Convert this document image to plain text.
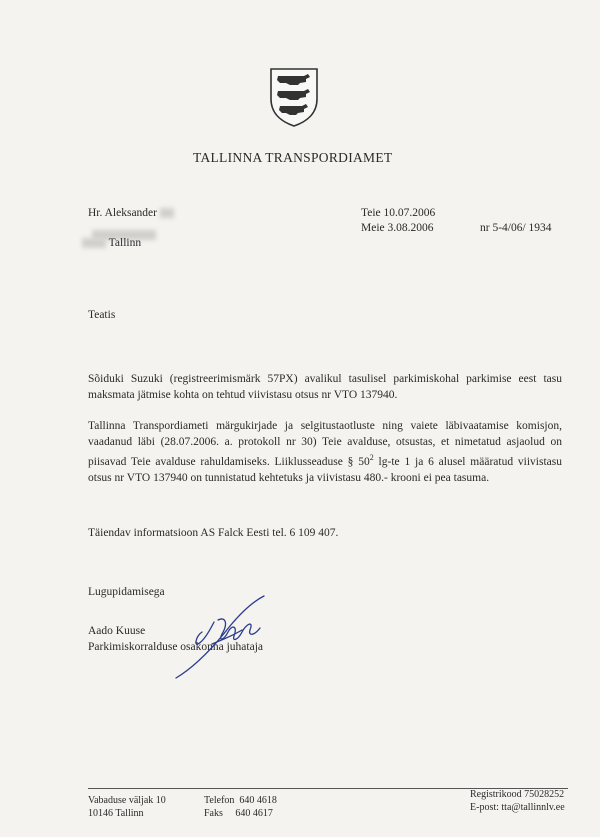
TALLINNA TRANSPORDIAMET
Hr. Aleksander
Tallinn
Teie 10.07.2006
Meie 3.08.2006	nr 5-4/06/ 1934
Teatis
Sõiduki Suzuki (registreerimismärk 57PX) avalikul tasulisel parkimiskohal parkimise eest tasu maksmata jätmise kohta on tehtud viivistasu otsus nr VTO 137940.
Tallinna Transpordiameti märgukirjade ja selgitustaotluste ning vaiete läbivaatamise komisjon, vaadanud läbi (28.07.2006. a. protokoll nr 30) Teie avalduse, otsustas, et nimetatud asjaolud on piisavad Teie avalduse rahuldamiseks. Liiklusseaduse § $50^2$ lg-te 1 ja 6 alusel määratud viivistasu otsus nr VTO 137940 on tunnistatud kehtetuks ja viivistasu 480.- krooni ei pea tasuma.
Täiendav informatsioon AS Falck Eesti tel. 6 109 407.
Lugupidamisega
Aado Kuuse
Parkimiskorralduse osakonna juhataja
Vabaduse väljak 10
10146 Tallinn
Telefon  640 4618
Faks     640 4617
Registrikood 75028252
E-post: tta@tallinnlv.ee
